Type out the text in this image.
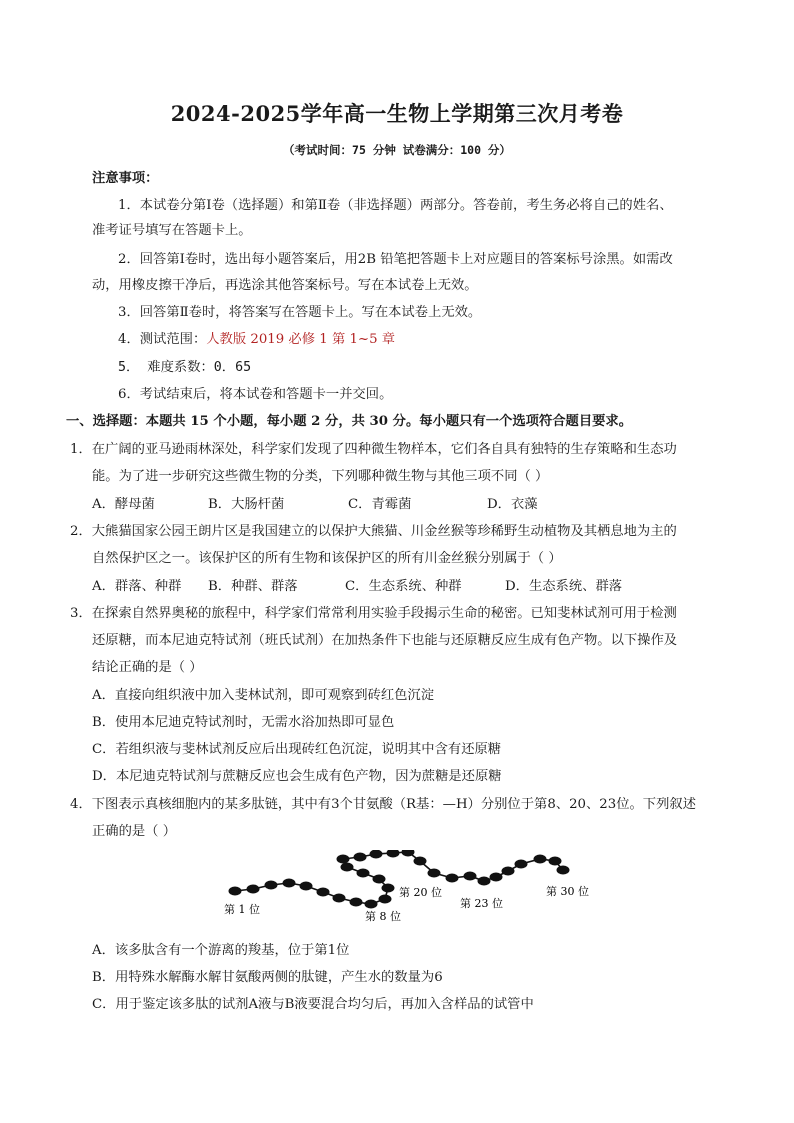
2024-2025学年高一生物上学期第三次月考卷
（考试时间：75 分钟 试卷满分：100 分）
注意事项：
1．本试卷分第Ⅰ卷（选择题）和第Ⅱ卷（非选择题）两部分。答卷前，考生务必将自己的姓名、
准考证号填写在答题卡上。
2．回答第Ⅰ卷时，选出每小题答案后，用2B 铅笔把答题卡上对应题目的答案标号涂黑。如需改
动，用橡皮擦干净后，再选涂其他答案标号。写在本试卷上无效。
3．回答第Ⅱ卷时，将答案写在答题卡上。写在本试卷上无效。
4．测试范围：人教版 2019 必修 1 第 1~5 章
5． 难度系数：0．65
6．考试结束后，将本试卷和答题卡一并交回。
一、选择题：本题共 15 个小题，每小题 2 分，共 30 分。每小题只有一个选项符合题目要求。
1．在广阔的亚马逊雨林深处，科学家们发现了四种微生物样本，它们各自具有独特的生存策略和生态功
能。为了进一步研究这些微生物的分类，下列哪种微生物与其他三项不同（ ）
A．酵母菌	B．大肠杆菌	C．青霉菌	D．衣藻
2．大熊猫国家公园王朗片区是我国建立的以保护大熊猫、川金丝猴等珍稀野生动植物及其栖息地为主的
自然保护区之一。该保护区的所有生物和该保护区的所有川金丝猴分别属于（ ）
A．群落、种群 B．种群、群落	C．生态系统、种群	D．生态系统、群落
3．在探索自然界奥秘的旅程中，科学家们常常利用实验手段揭示生命的秘密。已知斐林试剂可用于检测
还原糖，而本尼迪克特试剂（班氏试剂）在加热条件下也能与还原糖反应生成有色产物。以下操作及
结论正确的是（ ）
A．直接向组织液中加入斐林试剂，即可观察到砖红色沉淀
B．使用本尼迪克特试剂时，无需水浴加热即可显色
C．若组织液与斐林试剂反应后出现砖红色沉淀，说明其中含有还原糖
D．本尼迪克特试剂与蔗糖反应也会生成有色产物，因为蔗糖是还原糖
4．下图表示真核细胞内的某多肽链，其中有3个甘氨酸（R基：—H）分别位于第8、20、23位。下列叙述
正确的是（ ）
第 1 位
第 8 位
第 20 位
第 23 位
第 30 位
A．该多肽含有一个游离的羧基，位于第1位
B．用特殊水解酶水解甘氨酸两侧的肽键，产生水的数量为6
C．用于鉴定该多肽的试剂A液与B液要混合均匀后，再加入含样品的试管中
